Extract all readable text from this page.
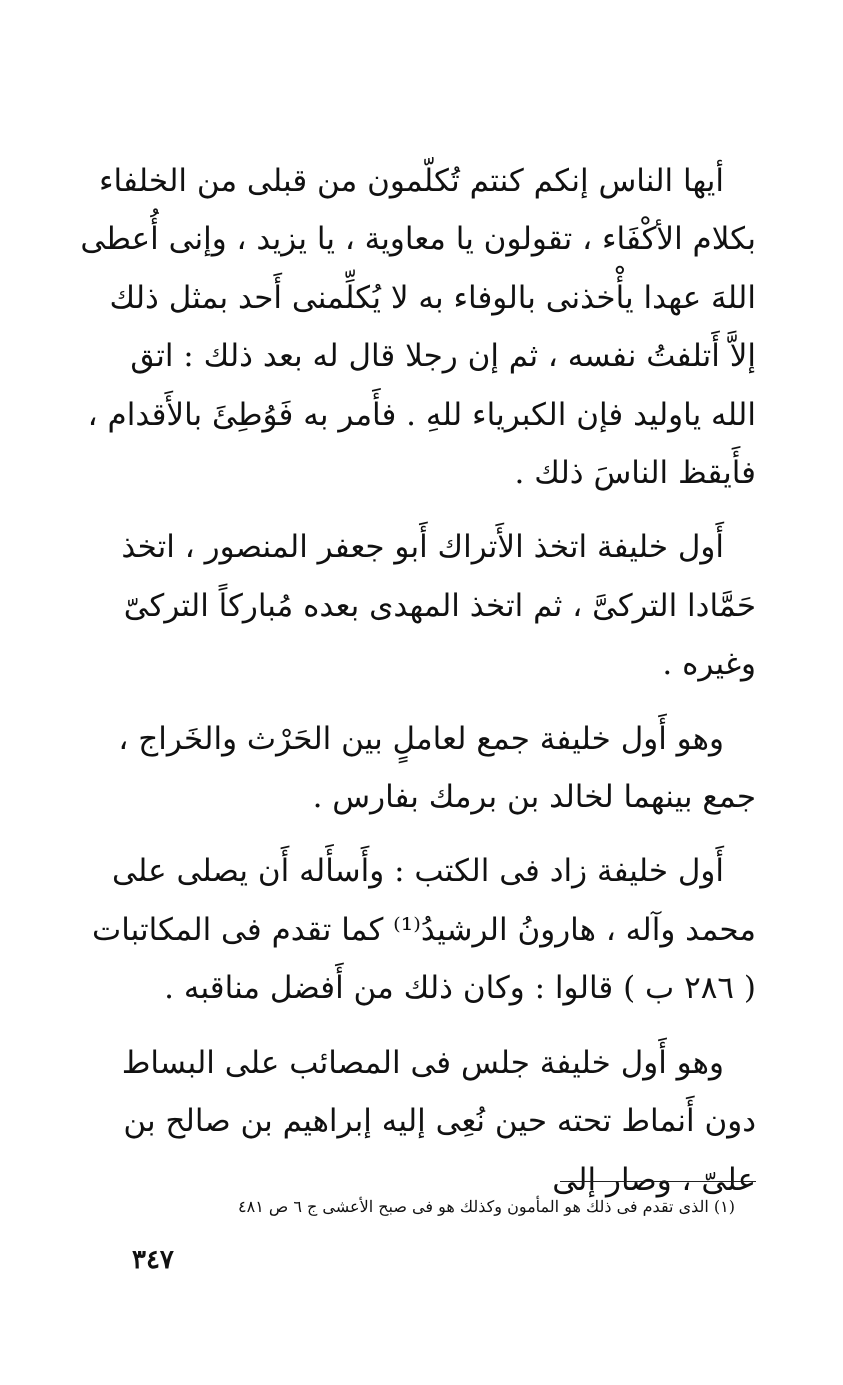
أيها الناس إنكم كنتم تُكلّمون من قبلى من الخلفاء بكلام الأكْفَاء ، تقولون يا معاوية ، يا يزيد ، وإنى أُعطى اللهَ عهدا يأْخذنى بالوفاء به لا يُكلِّمنى أَحد بمثل ذلك إلاَّ أَتلفتُ نفسه ، ثم إن رجلا قال له بعد ذلك : اتق الله ياوليد فإن الكبرياء للهِ . فأَمر به فَوُطِئَ بالأَقدام ، فأَيقظ الناسَ ذلك .

أَول خليفة اتخذ الأَتراك أَبو جعفر المنصور ، اتخذ حَمَّادا التركىَّ ، ثم اتخذ المهدى بعده مُباركاً التركىّ وغيره .

وهو أَول خليفة جمع لعاملٍ بين الحَرْث والخَراج ، جمع بينهما لخالد بن برمك بفارس .

أَول خليفة زاد فى الكتب : وأَسأَله أَن يصلى على محمد وآله ، هارونُ الرشيدُ⁽¹⁾ كما تقدم فى المكاتبات ( ٢٨٦ ب ) قالوا : وكان ذلك من أَفضل مناقبه .

وهو أَول خليفة جلس فى المصائب على البساط دون أَنماط تحته حين نُعِى إليه إبراهيم بن صالح بن علىّ ، وصار إلى

(١) الذى تقدم فى ذلك هو المأمون وكذلك هو فى صبح الأعشى ج ٦ ص ٤٨١
٣٤٧
